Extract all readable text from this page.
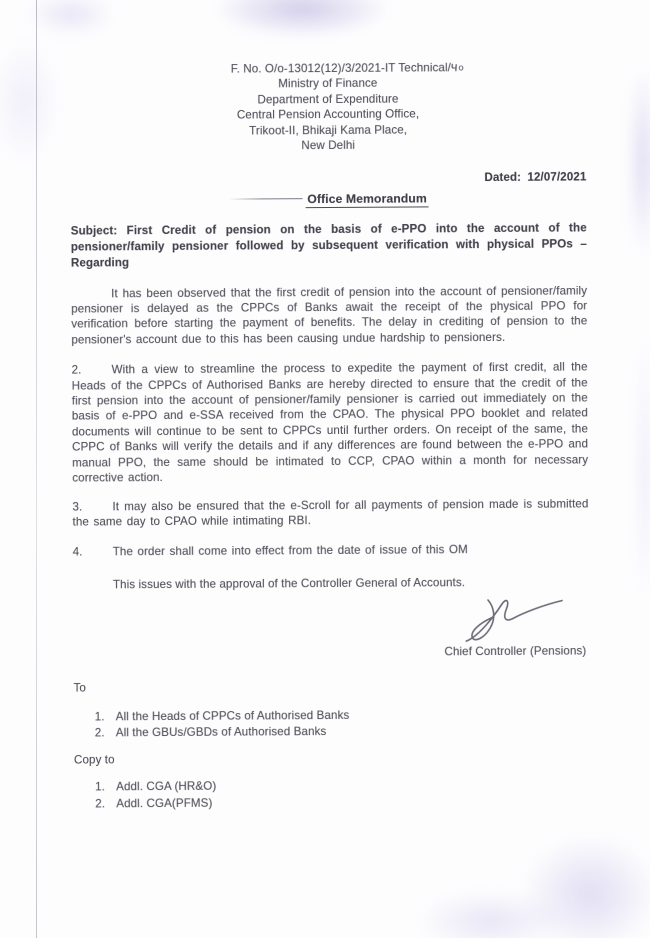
F. No. O/o-13012(12)/3/2021-IT Technical/чo
Ministry of Finance
Department of Expenditure
Central Pension Accounting Office,
Trikoot-II, Bhikaji Kama Place,
New Delhi
Dated: 12/07/2021
Office Memorandum

Subject: First Credit of pension on the basis of e-PPO into the account of the pensioner/family pensioner followed by subsequent verification with physical PPOs – Regarding

It has been observed that the first credit of pension into the account of pensioner/family pensioner is delayed as the CPPCs of Banks await the receipt of the physical PPO for verification before starting the payment of benefits. The delay in crediting of pension to the pensioner's account due to this has been causing undue hardship to pensioners.

2.	With a view to streamline the process to expedite the payment of first credit, all the Heads of the CPPCs of Authorised Banks are hereby directed to ensure that the credit of the first pension into the account of pensioner/family pensioner is carried out immediately on the basis of e-PPO and e-SSA received from the CPAO. The physical PPO booklet and related documents will continue to be sent to CPPCs until further orders. On receipt of the same, the CPPC of Banks will verify the details and if any differences are found between the e-PPO and manual PPO, the same should be intimated to CCP, CPAO within a month for necessary corrective action.

3.	It may also be ensured that the e-Scroll for all payments of pension made is submitted the same day to CPAO while intimating RBI.

4.	The order shall come into effect from the date of issue of this OM

This issues with the approval of the Controller General of Accounts.

Chief Controller (Pensions)
To
1. All the Heads of CPPCs of Authorised Banks
2. All the GBUs/GBDs of Authorised Banks
Copy to
1. Addl. CGA (HR&O)
2. Addl. CGA(PFMS)
